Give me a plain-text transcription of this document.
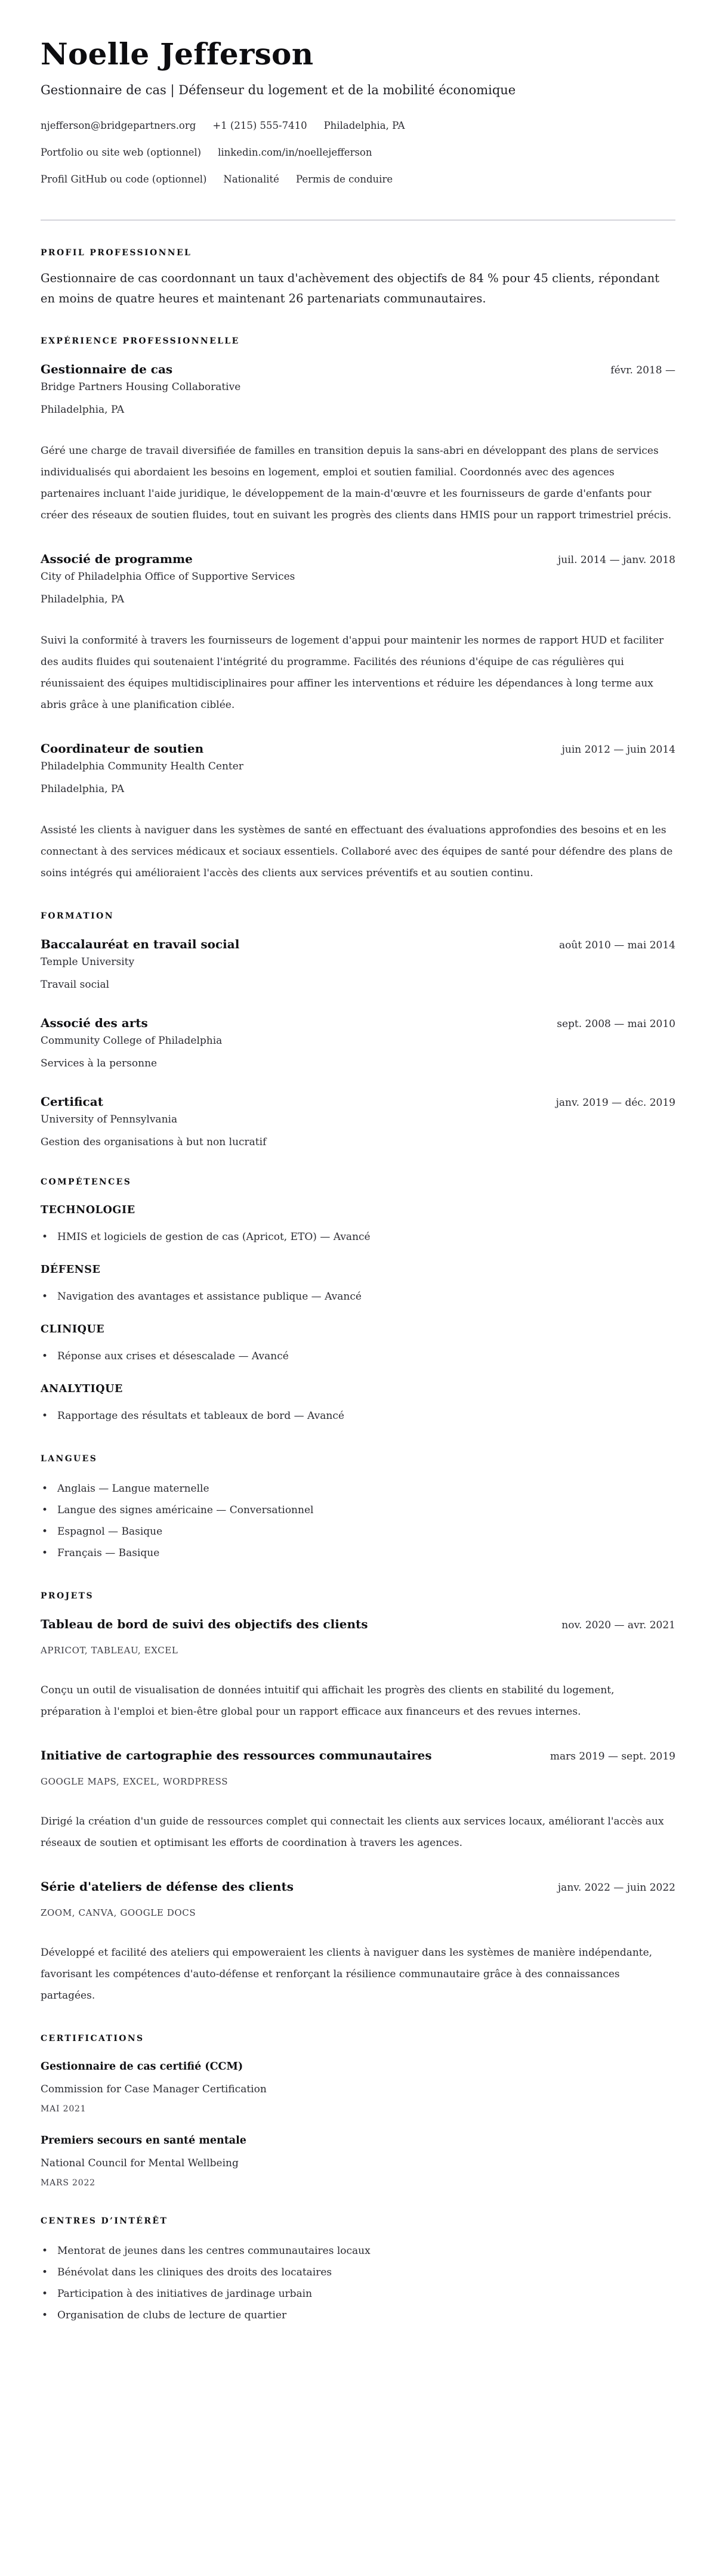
Noelle Jefferson
Gestionnaire de cas | Défenseur du logement et de la mobilité économique
njefferson@bridgepartners.org +1 (215) 555-7410 Philadelphia, PA
Portfolio ou site web (optionnel) linkedin.com/in/noellejefferson
Profil GitHub ou code (optionnel) Nationalité Permis de conduire
PROFIL PROFESSIONNEL

Gestionnaire de cas coordonnant un taux d'achèvement des objectifs de 84 % pour 45 clients, répondant en moins de quatre heures et maintenant 26 partenariats communautaires.

EXPÉRIENCE PROFESSIONNELLE
Gestionnaire de cas	févr. 2018 —
Bridge Partners Housing Collaborative
Philadelphia, PA

Géré une charge de travail diversifiée de familles en transition depuis la sans-abri en développant des plans de services individualisés qui abordaient les besoins en logement, emploi et soutien familial. Coordonnés avec des agences partenaires incluant l'aide juridique, le développement de la main-d'œuvre et les fournisseurs de garde d'enfants pour créer des réseaux de soutien fluides, tout en suivant les progrès des clients dans HMIS pour un rapport trimestriel précis.

Associé de programme	juil. 2014 — janv. 2018
City of Philadelphia Office of Supportive Services
Philadelphia, PA

Suivi la conformité à travers les fournisseurs de logement d'appui pour maintenir les normes de rapport HUD et faciliter des audits fluides qui soutenaient l'intégrité du programme. Facilités des réunions d'équipe de cas régulières qui réunissaient des équipes multidisciplinaires pour affiner les interventions et réduire les dépendances à long terme aux abris grâce à une planification ciblée.

Coordinateur de soutien	juin 2012 — juin 2014
Philadelphia Community Health Center
Philadelphia, PA

Assisté les clients à naviguer dans les systèmes de santé en effectuant des évaluations approfondies des besoins et en les connectant à des services médicaux et sociaux essentiels. Collaboré avec des équipes de santé pour défendre des plans de soins intégrés qui amélioraient l'accès des clients aux services préventifs et au soutien continu.

FORMATION
Baccalauréat en travail social	août 2010 — mai 2014
Temple University
Travail social
Associé des arts	sept. 2008 — mai 2010
Community College of Philadelphia
Services à la personne
Certificat	janv. 2019 — déc. 2019
University of Pennsylvania
Gestion des organisations à but non lucratif
COMPÉTENCES
TECHNOLOGIE
• HMIS et logiciels de gestion de cas (Apricot, ETO) — Avancé
DÉFENSE
• Navigation des avantages et assistance publique — Avancé
CLINIQUE
• Réponse aux crises et désescalade — Avancé
ANALYTIQUE
• Rapportage des résultats et tableaux de bord — Avancé
LANGUES
• Anglais — Langue maternelle
• Langue des signes américaine — Conversationnel
• Espagnol — Basique
• Français — Basique
PROJETS
Tableau de bord de suivi des objectifs des clients	nov. 2020 — avr. 2021
APRICOT, TABLEAU, EXCEL

Conçu un outil de visualisation de données intuitif qui affichait les progrès des clients en stabilité du logement, préparation à l'emploi et bien-être global pour un rapport efficace aux financeurs et des revues internes.

Initiative de cartographie des ressources communautaires	mars 2019 — sept. 2019
GOOGLE MAPS, EXCEL, WORDPRESS

Dirigé la création d'un guide de ressources complet qui connectait les clients aux services locaux, améliorant l'accès aux réseaux de soutien et optimisant les efforts de coordination à travers les agences.

Série d'ateliers de défense des clients	janv. 2022 — juin 2022
ZOOM, CANVA, GOOGLE DOCS

Développé et facilité des ateliers qui empoweraient les clients à naviguer dans les systèmes de manière indépendante, favorisant les compétences d'auto-défense et renforçant la résilience communautaire grâce à des connaissances partagées.

CERTIFICATIONS
Gestionnaire de cas certifié (CCM)
Commission for Case Manager Certification
MAI 2021
Premiers secours en santé mentale
National Council for Mental Wellbeing
MARS 2022
CENTRES D’INTÉRÊT
• Mentorat de jeunes dans les centres communautaires locaux
• Bénévolat dans les cliniques des droits des locataires
• Participation à des initiatives de jardinage urbain
• Organisation de clubs de lecture de quartier
